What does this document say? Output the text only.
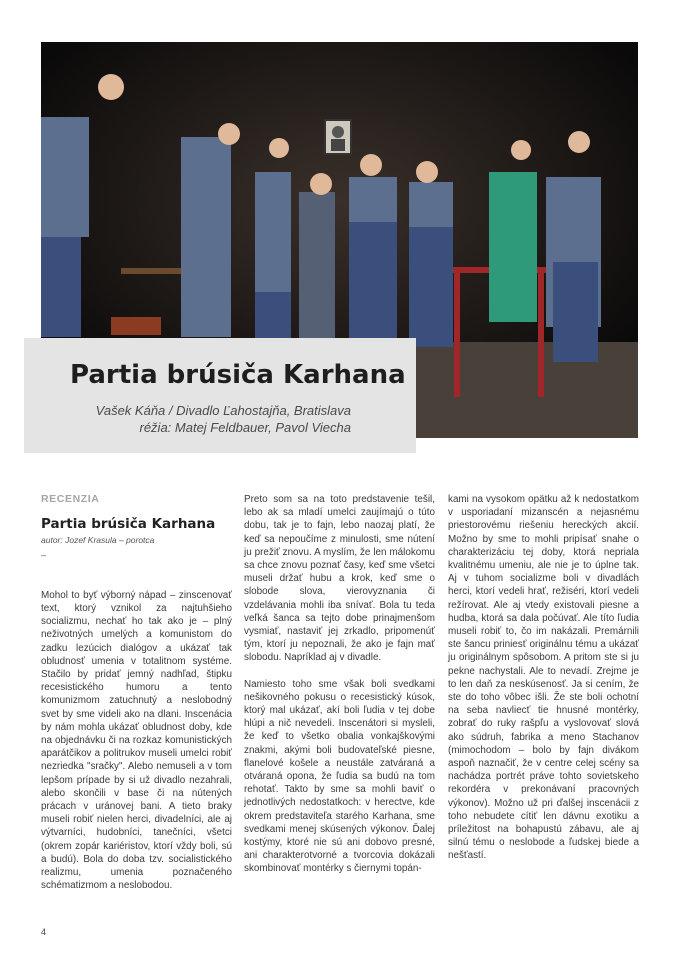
Partia brúsiča Karhana
Vašek Káňa / Divadlo Ľahostajňa, Bratislava
réžia: Matej Feldbauer, Pavol Viecha
RECENZIA
Partia brúsiča Karhana
autor: Jozef Krasula – porotca
–

Mohol to byť výborný nápad – zinscenovať text, ktorý vznikol za najtuhšieho socializmu, nechať ho tak ako je – plný neživotných umelých a komunistom do zadku lezúcich dialógov a ukázať tak obludnosť umenia v totalitnom systéme. Stačilo by pridať jemný nadhľad, štipku recesistického humoru a tento komunizmom zatuchnutý a neslobodný svet by sme videli ako na dlani. Inscenácia by nám mohla ukázať obludnost doby, kde na objednávku či na rozkaz komunistických aparátčikov a politrukov museli umelci robiť nezriedka "sračky". Alebo nemuseli a v tom lepšom prípade by si už divadlo nezahrali, alebo skončili v base či na nútených prácach v uránovej bani. A tieto braky museli robiť nielen herci, divadelníci, ale aj výtvarníci, hudobníci, tanečníci, všetci (okrem zopár kariéristov, ktorí vždy boli, sú a budú). Bola do doba tzv. socialistického realizmu, umenia poznačeného schématizmom a neslobodou.

Preto som sa na toto predstavenie tešil, lebo ak sa mladí umelci zaujímajú o túto dobu, tak je to fajn, lebo naozaj platí, že keď sa nepoučíme z minulosti, sme nútení ju prežiť znovu. A myslím, že len málokomu sa chce znovu poznať časy, keď sme všetci museli držať hubu a krok, keď sme o slobode slova, vierovyznania či vzdelávania mohli iba snívať. Bola tu teda veľká šanca sa tejto dobe prinajmenšom vysmiať, nastaviť jej zrkadlo, pripomenúť tým, ktorí ju nepoznali, že ako je fajn mať slobodu. Napríklad aj v divadle.

Namiesto toho sme však boli svedkami nešikovného pokusu o recesistický kúsok, ktorý mal ukázať, akí boli ľudia v tej dobe hlúpi a nič nevedeli. Inscenátori si mysleli, že keď to všetko obalia vonkajškovými znakmi, akými boli budovateľské piesne, flanelové košele a neustále zatváraná a otváraná opona, že ľudia sa budú na tom rehotať. Takto by sme sa mohli baviť o jednotlivých nedostatkoch: v herectve, kde okrem predstaviteľa starého Karhana, sme svedkami menej skúsených výkonov. Ďalej kostýmy, ktoré nie sú ani dobovo presné, ani charakterotvorné a tvorcovia dokázali skombinovať montérky s čiernymi topán-

kami na vysokom opätku až k nedostatkom v usporiadaní mizanscén a nejasnému priestorovému riešeniu hereckých akcií. Možno by sme to mohli pripísať snahe o charakterizáciu tej doby, ktorá nepriala kvalitnému umeniu, ale nie je to úplne tak. Aj v tuhom socializme boli v divadlách herci, ktorí vedeli hrať, režiséri, ktorí vedeli režírovat. Ale aj vtedy existovali piesne a hudba, ktorá sa dala počúvať. Ale títo ľudia museli robiť to, čo im nakázali. Premárnili ste šancu priniesť originálnu tému a ukázať ju originálnym spôsobom. A pritom ste si ju pekne nachystali. Ale to nevadí. Zrejme je to len daň za neskúsenosť. Ja si cením, že ste do toho vôbec išli. Že ste boli ochotní na seba navliecť tie hnusné montérky, zobrať do ruky rašpľu a vyslovovať slová ako súdruh, fabrika a meno Stachanov (mimochodom – bolo by fajn divákom aspoň naznačiť, že v centre celej scény sa nachádza portrét práve tohto sovietskeho rekordéra v prekonávaní pracovných výkonov). Možno už pri ďalšej inscenácii z toho nebudete cítiť len dávnu exotiku a príležitost na bohapustú zábavu, ale aj silnú tému o neslobode a ľudskej biede a nešťastí.

4
